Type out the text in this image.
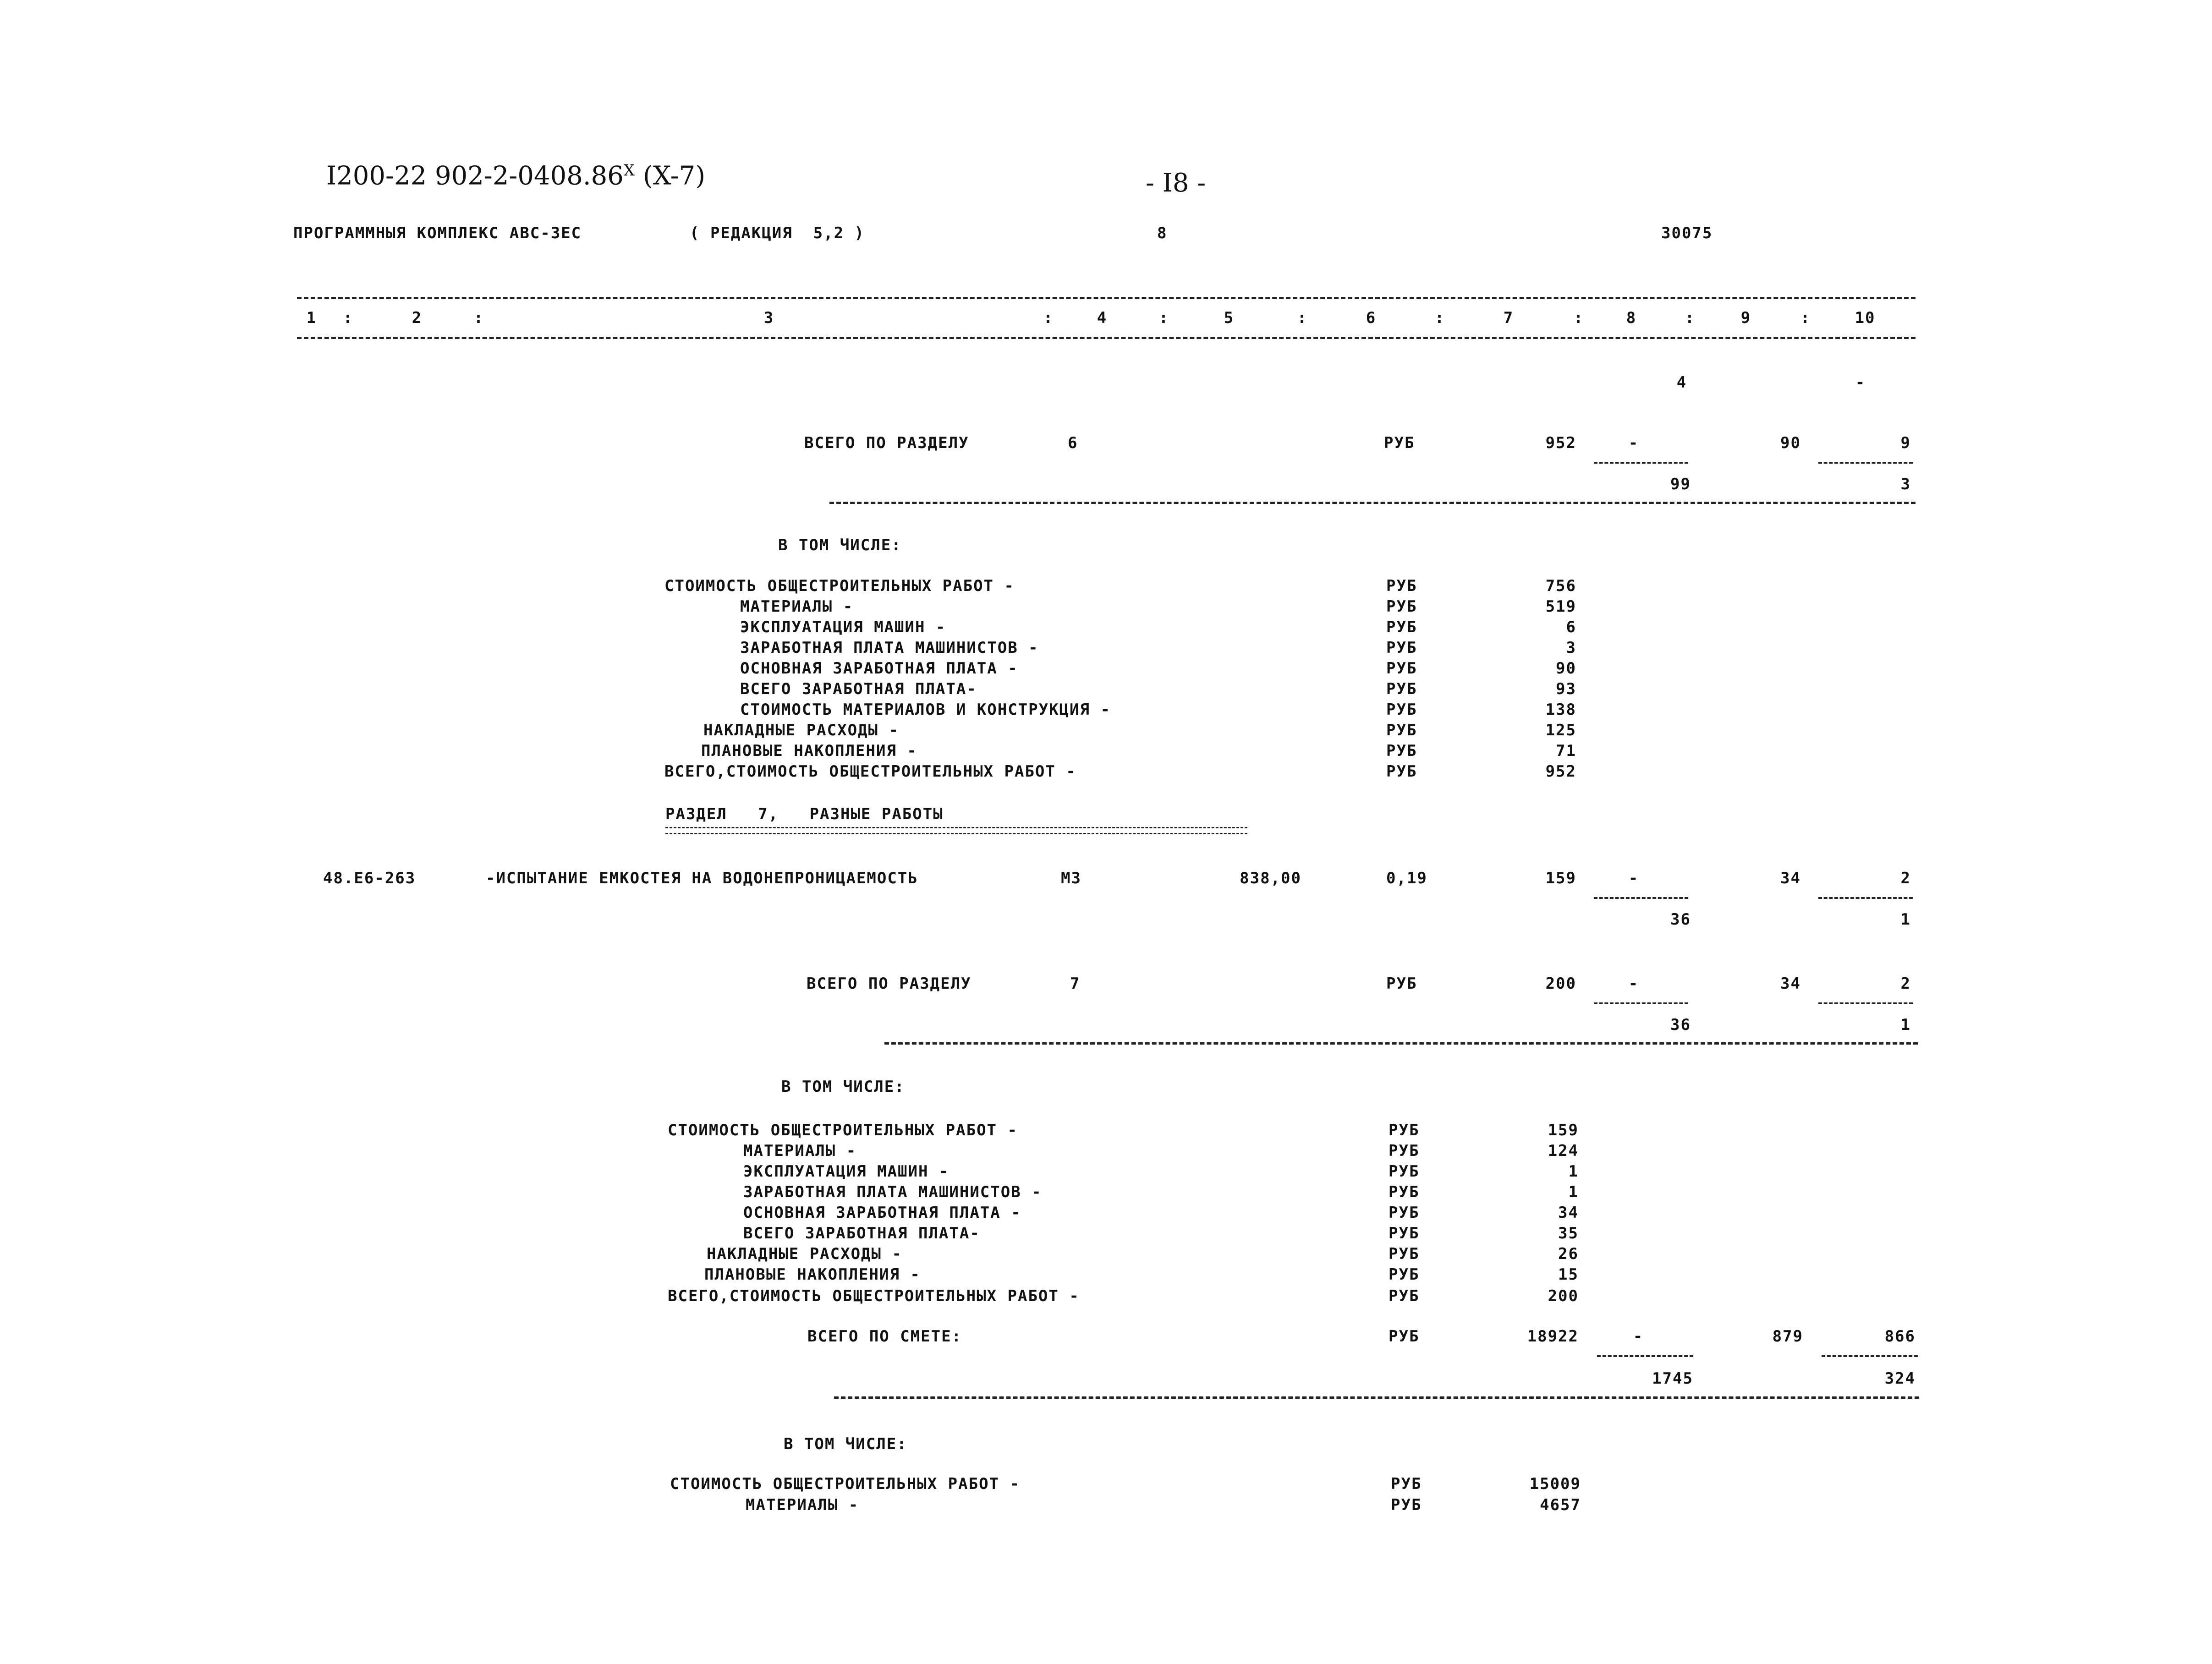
I200-22 $902-2-0408.86^X$ (X-7)	- I8 -
ПРОГРАММНЫЯ КОМПЛЕКС АВС-3ЕС	( РЕДАКЦИЯ  5,2 )	8	30075
1 :	2	:	3	:	4	:	5	:	6	:	7	:	8	:	9	:	10
4	-
ВСЕГО ПО РАЗДЕЛУ	6	РУБ	952	-	90	9
99	3
В ТОМ ЧИСЛЕ:
СТОИМОСТЬ ОБЩЕСТРОИТЕЛЬНЫХ РАБОТ -	РУБ	756
МАТЕРИАЛЫ -	РУБ	519
ЭКСПЛУАТАЦИЯ МАШИН -	РУБ	6
ЗАРАБОТНАЯ ПЛАТА МАШИНИСТОВ -	РУБ	3
ОСНОВНАЯ ЗАРАБОТНАЯ ПЛАТА -	РУБ	90
ВСЕГО ЗАРАБОТНАЯ ПЛАТА-	РУБ	93
СТОИМОСТЬ МАТЕРИАЛОВ И КОНСТРУКЦИЯ -	РУБ	138
НАКЛАДНЫЕ РАСХОДЫ -	РУБ	125
ПЛАНОВЫЕ НАКОПЛЕНИЯ -	РУБ	71
ВСЕГО,СТОИМОСТЬ ОБЩЕСТРОИТЕЛЬНЫХ РАБОТ -	РУБ	952
РАЗДЕЛ   7,   РАЗНЫЕ РАБОТЫ
48.Е6-263	-ИСПЫТАНИЕ ЕМКОСТЕЯ НА ВОДОНЕПРОНИЦАЕМОСТЬ	М3	838,00	0,19	159	-	34	2
36	1
ВСЕГО ПО РАЗДЕЛУ	7	РУБ	200	-	34	2
36	1
В ТОМ ЧИСЛЕ:
СТОИМОСТЬ ОБЩЕСТРОИТЕЛЬНЫХ РАБОТ -	РУБ	159
МАТЕРИАЛЫ -	РУБ	124
ЭКСПЛУАТАЦИЯ МАШИН -	РУБ	1
ЗАРАБОТНАЯ ПЛАТА МАШИНИСТОВ -	РУБ	1
ОСНОВНАЯ ЗАРАБОТНАЯ ПЛАТА -	РУБ	34
ВСЕГО ЗАРАБОТНАЯ ПЛАТА-	РУБ	35
НАКЛАДНЫЕ РАСХОДЫ -	РУБ	26
ПЛАНОВЫЕ НАКОПЛЕНИЯ -	РУБ	15
ВСЕГО,СТОИМОСТЬ ОБЩЕСТРОИТЕЛЬНЫХ РАБОТ -	РУБ	200
ВСЕГО ПО СМЕТЕ:	РУБ	18922	-	879	866
1745	324
В ТОМ ЧИСЛЕ:
СТОИМОСТЬ ОБЩЕСТРОИТЕЛЬНЫХ РАБОТ -	РУБ	15009
МАТЕРИАЛЫ -	РУБ	4657
